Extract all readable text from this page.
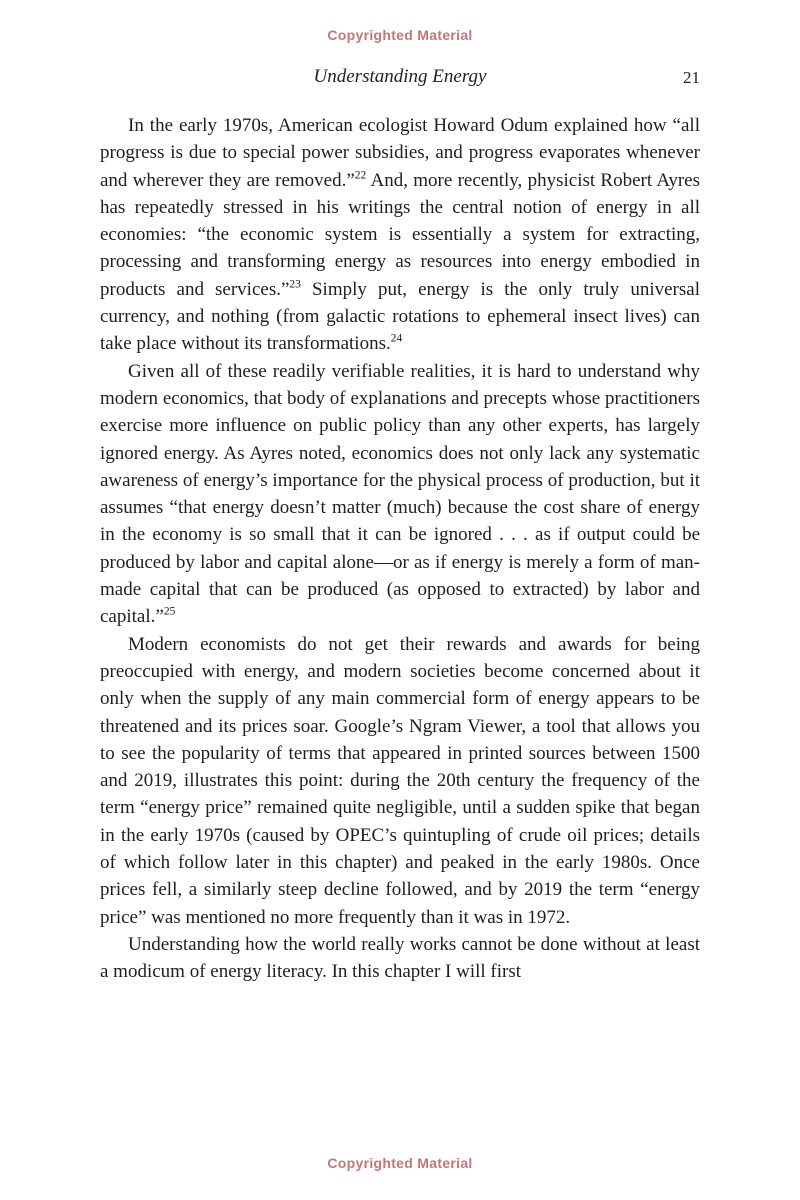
Copyrighted Material
Understanding Energy	21

In the early 1970s, American ecologist Howard Odum explained how “all progress is due to special power subsidies, and progress evaporates whenever and wherever they are removed.”$^{22}$ And, more recently, physicist Robert Ayres has repeatedly stressed in his writings the central notion of energy in all economies: “the economic system is essentially a system for extracting, processing and transforming energy as resources into energy embodied in products and services.”$^{23}$ Simply put, energy is the only truly universal currency, and nothing (from galactic rotations to ephemeral insect lives) can take place without its transformations.$^{24}$

Given all of these readily verifiable realities, it is hard to understand why modern economics, that body of explanations and precepts whose practitioners exercise more influence on public policy than any other experts, has largely ignored energy. As Ayres noted, economics does not only lack any systematic awareness of energy’s importance for the physical process of production, but it assumes “that energy doesn’t matter (much) because the cost share of energy in the economy is so small that it can be ignored . . . as if output could be produced by labor and capital alone—or as if energy is merely a form of man-made capital that can be produced (as opposed to extracted) by labor and capital.”$^{25}$

Modern economists do not get their rewards and awards for being preoccupied with energy, and modern societies become concerned about it only when the supply of any main commercial form of energy appears to be threatened and its prices soar. Google’s Ngram Viewer, a tool that allows you to see the popularity of terms that appeared in printed sources between 1500 and 2019, illustrates this point: during the 20th century the frequency of the term “energy price” remained quite negligible, until a sudden spike that began in the early 1970s (caused by OPEC’s quintupling of crude oil prices; details of which follow later in this chapter) and peaked in the early 1980s. Once prices fell, a similarly steep decline followed, and by 2019 the term “energy price” was mentioned no more frequently than it was in 1972.

Understanding how the world really works cannot be done without at least a modicum of energy literacy. In this chapter I will first

Copyrighted Material
